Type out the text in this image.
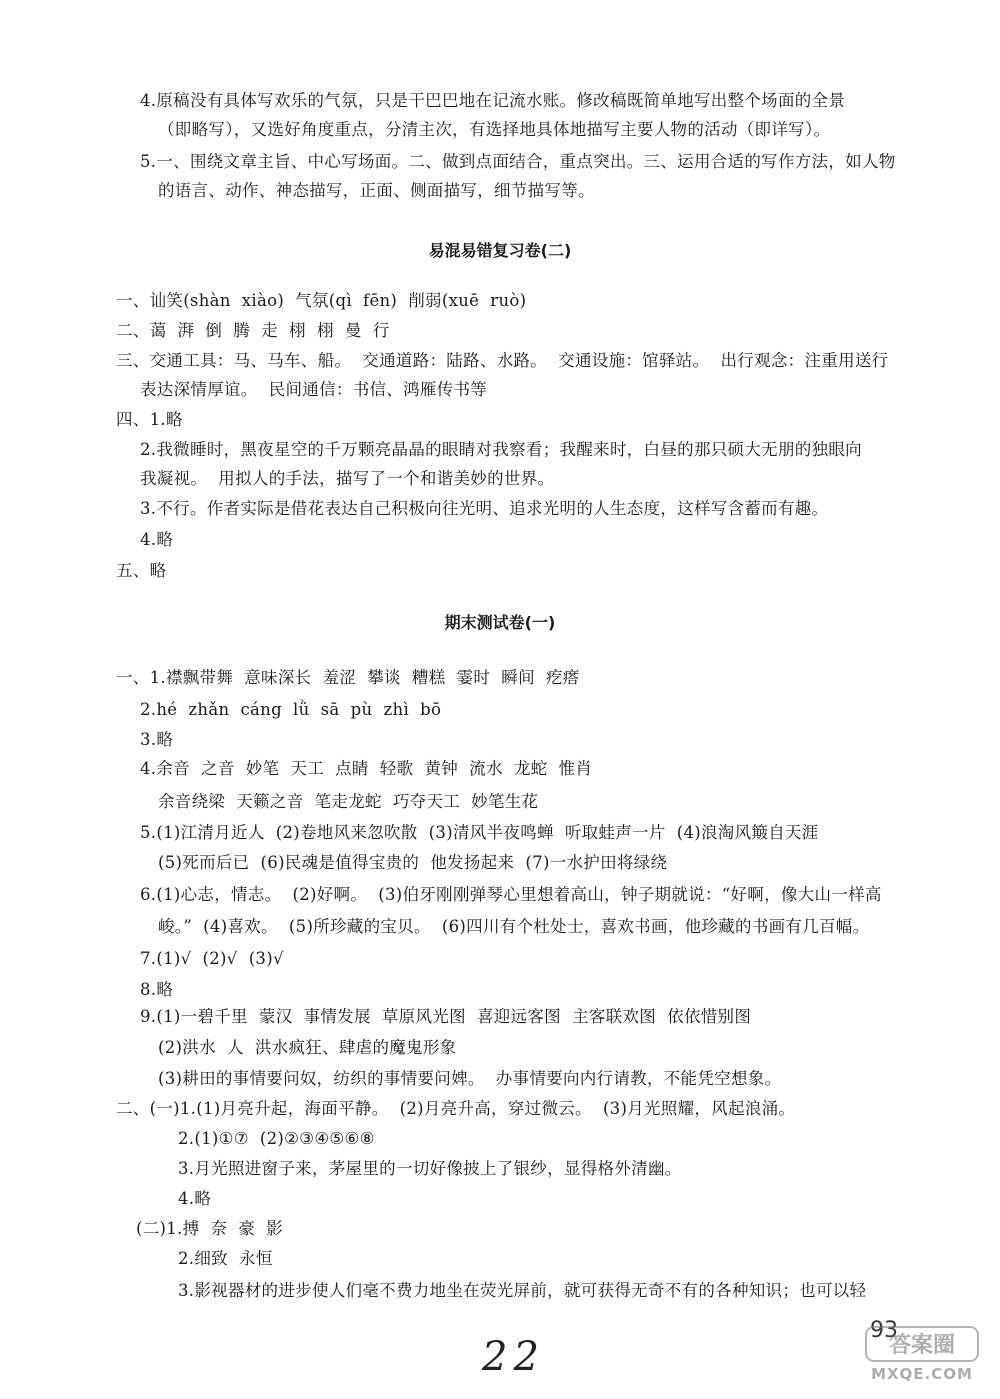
4.原稿没有具体写欢乐的气氛，只是干巴巴地在记流水账。修改稿既简单地写出整个场面的全景
（即略写），又选好角度重点，分清主次，有选择地具体地描写主要人物的活动（即详写）。
5.一、围绕文章主旨、中心写场面。二、做到点面结合，重点突出。三、运用合适的写作方法，如人物
的语言、动作、神态描写，正面、侧面描写，细节描写等。
易混易错复习卷(二)
一、讪笑(shàn  xiào)  气氛(qì  fēn)  削弱(xuē  ruò)
二、蔼  湃  倒  腾  走  栩  栩  曼  行
三、交通工具：马、马车、船。  交通道路：陆路、水路。  交通设施：馆驿站。  出行观念：注重用送行
表达深情厚谊。  民间通信：书信、鸿雁传书等
四、1.略
2.我微睡时，黑夜星空的千万颗亮晶晶的眼睛对我察看；我醒来时，白昼的那只硕大无朋的独眼向
我凝视。  用拟人的手法，描写了一个和谐美妙的世界。
3.不行。作者实际是借花表达自己积极向往光明、追求光明的人生态度，这样写含蓄而有趣。
4.略
五、略
期末测试卷(一)
一、1.襟飘带舞  意味深长  羞涩  攀谈  糟糕  霎时  瞬间  疙瘩
2.hé  zhǎn  cáng  lǜ  sā  pù  zhì  bō
3.略
4.余音  之音  妙笔  天工  点睛  轻歌  黄钟  流水  龙蛇  惟肖
余音绕梁  天籁之音  笔走龙蛇  巧夺天工  妙笔生花
5.(1)江清月近人  (2)卷地风来忽吹散  (3)清风半夜鸣蝉  听取蛙声一片  (4)浪淘风簸自天涯
(5)死而后已  (6)民魂是值得宝贵的  他发扬起来  (7)一水护田将绿绕
6.(1)心志，情志。  (2)好啊。  (3)伯牙刚刚弹琴心里想着高山，钟子期就说：“好啊，像大山一样高
峻。”  (4)喜欢。  (5)所珍藏的宝贝。  (6)四川有个杜处士，喜欢书画，他珍藏的书画有几百幅。
7.(1)√  (2)√  (3)√
8.略
9.(1)一碧千里  蒙汉  事情发展  草原风光图  喜迎远客图  主客联欢图  依依惜别图
(2)洪水  人  洪水疯狂、肆虐的魔鬼形象
(3)耕田的事情要问奴，纺织的事情要问婢。  办事情要向内行请教，不能凭空想象。
二、(一)1.(1)月亮升起，海面平静。  (2)月亮升高，穿过微云。  (3)月光照耀，风起浪涌。
2.(1)①⑦  (2)②③④⑤⑥⑧
3.月光照进窗子来，茅屋里的一切好像披上了银纱，显得格外清幽。
4.略
(二)1.搏  奈  豪  影
2.细致  永恒
3.影视器材的进步使人们毫不费力地坐在荧光屏前，就可获得无奇不有的各种知识；也可以轻
93
22	答案圈
MXQE.COM
